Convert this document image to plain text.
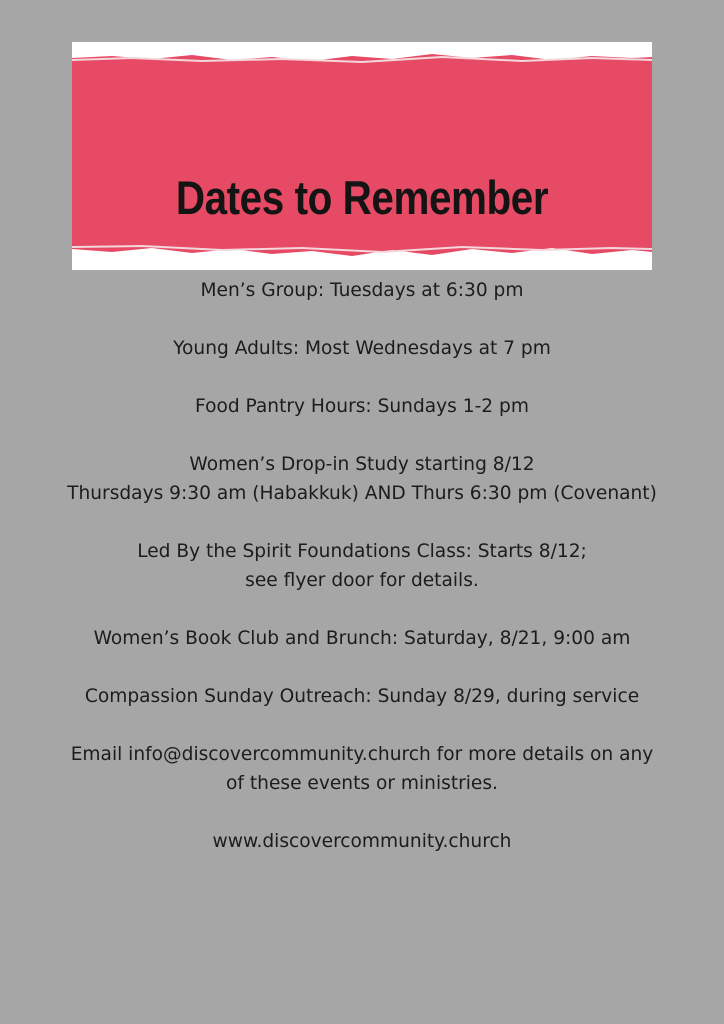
Dates to Remember

Men’s Group: Tuesdays at 6:30 pm

Young Adults: Most Wednesdays at 7 pm

Food Pantry Hours: Sundays 1-2 pm

Women’s Drop-in Study starting 8/12

Thursdays 9:30 am (Habakkuk) AND Thurs 6:30 pm (Covenant)

Led By the Spirit Foundations Class: Starts 8/12;

see flyer door for details.

Women’s Book Club and Brunch: Saturday, 8/21, 9:00 am

Compassion Sunday Outreach: Sunday 8/29, during service

Email info@discovercommunity.church for more details on any

of these events or ministries.

www.discovercommunity.church
